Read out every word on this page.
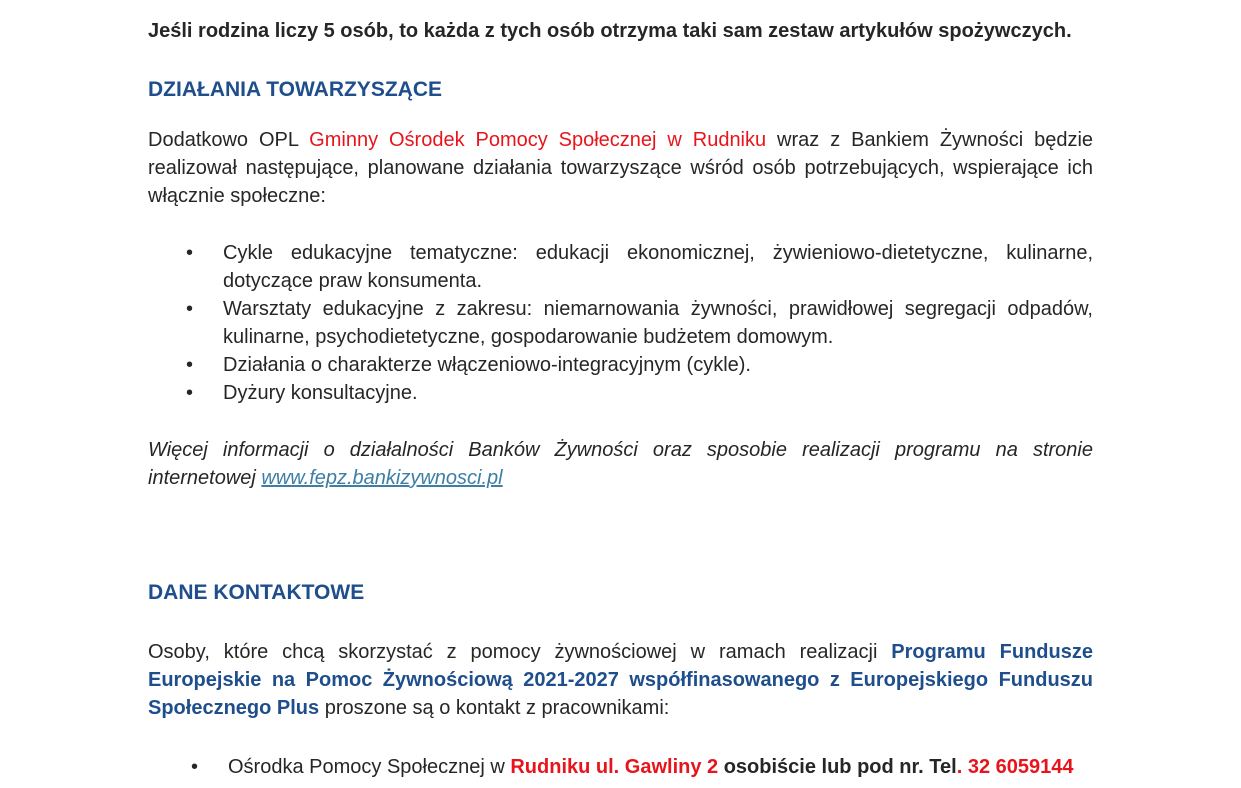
Jeśli rodzina liczy 5 osób, to każda z tych osób otrzyma taki sam zestaw artykułów spożywczych.
DZIAŁANIA TOWARZYSZĄCE
Dodatkowo OPL Gminny Ośrodek Pomocy Społecznej w Rudniku wraz z Bankiem Żywności będzie realizował następujące, planowane działania towarzyszące wśród osób potrzebujących, wspierające ich włącznie społeczne:
• Cykle edukacyjne tematyczne: edukacji ekonomicznej, żywieniowo-dietetyczne, kulinarne, dotyczące praw konsumenta.
• Warsztaty edukacyjne z zakresu: niemarnowania żywności, prawidłowej segregacji odpadów, kulinarne, psychodietetyczne, gospodarowanie budżetem domowym.
• Działania o charakterze włączeniowo-integracyjnym (cykle).
• Dyżury konsultacyjne.
Więcej informacji o działalności Banków Żywności oraz sposobie realizacji programu na stronie internetowej www.fepz.bankizywnosci.pl
DANE KONTAKTOWE
Osoby, które chcą skorzystać z pomocy żywnościowej w ramach realizacji Programu Fundusze Europejskie na Pomoc Żywnościową 2021-2027 współfinasowanego z Europejskiego Funduszu Społecznego Plus proszone są o kontakt z pracownikami:
• Ośrodka Pomocy Społecznej w Rudniku ul. Gawliny 2 osobiście lub pod nr. Tel. 32 6059144
